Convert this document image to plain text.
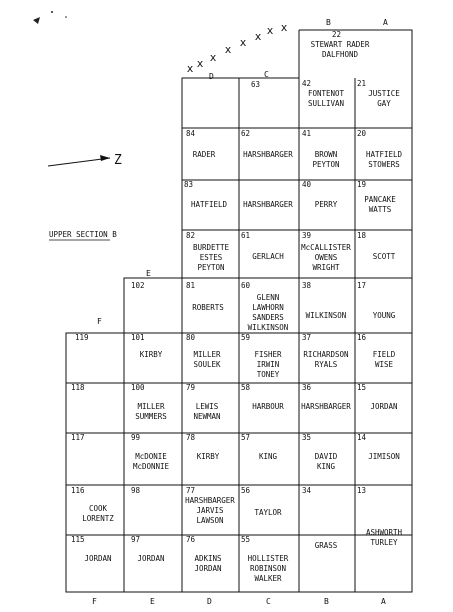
x x x
x
x x x x
Z
UPPER SECTION B
B	A
D	C
E
F
F	E	D	C	B	A
22
STEWART RADER
DALFHOND
63	42
FONTENOT
SULLIVAN
21
JUSTICE
GAY
84
RADER
62
HARSHBARGER
41
BROWN
PEYTON
20
HATFIELD
STOWERS
83
HATFIELD HARSHBARGER
40
PERRY
19
PANCAKE
WATTS
82
BURDETTE
ESTES
PEYTON
61
GERLACH
39
McCALLISTER
OWENS
WRIGHT
18
SCOTT
102	81
ROBERTS
60
GLENN
LAWHORN
SANDERS
WILKINSON
38
WILKINSON
17
YOUNG
119	101
KIRBY
80
MILLER
SOULEK
59
FISHER
IRWIN
TONEY
37
RICHARDSON
RYALS
16
FIELD
WISE
118	100
MILLER
SUMMERS
79
LEWIS
NEWMAN
58
HARBOUR
36
HARSHBARGER
15
JORDAN
117	99
McDONIE
McDONNIE
78
KIRBY
57
KING
35
DAVID
KING
14
JIMISON
116
COOK
LORENTZ
98	77
HARSHBARGER
JARVIS
LAWSON
56
TAYLOR
34
GRASS
13
ASHWORTH
TURLEY
115
JORDAN
97
JORDAN
76
ADKINS
JORDAN
55
HOLLISTER
ROBINSON
WALKER
